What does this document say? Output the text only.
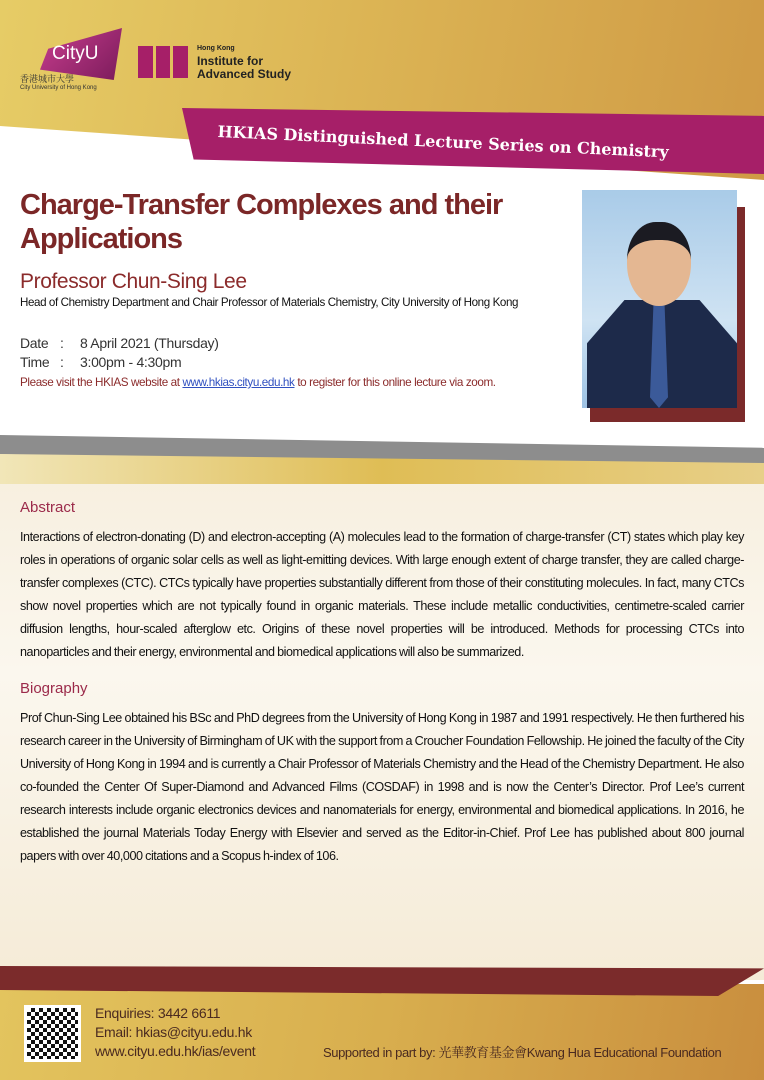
CityU
香港城市大學
City University of Hong Kong
Hong Kong
Institute for
Advanced Study
HKIAS Distinguished Lecture Series on Chemistry
Charge-Transfer Complexes and their Applications
Professor Chun-Sing Lee
Head of Chemistry Department and Chair Professor of Materials Chemistry, City University of Hong Kong
Date : 8 April 2021 (Thursday)
Time : 3:00pm - 4:30pm
Please visit the HKIAS website at www.hkias.cityu.edu.hk to register for this online lecture via zoom.
Abstract
Interactions of electron-donating (D) and electron-accepting (A) molecules lead to the formation of charge-transfer (CT) states which play key roles in operations of organic solar cells as well as light-emitting devices. With large enough extent of charge transfer, they are called charge-transfer complexes (CTC). CTCs typically have properties substantially different from those of their constituting molecules. In fact, many CTCs show novel properties which are not typically found in organic materials. These include metallic conductivities, centimetre-scaled carrier diffusion lengths, hour-scaled afterglow etc. Origins of these novel properties will be introduced. Methods for processing CTCs into nanoparticles and their energy, environmental and biomedical applications will also be summarized.
Biography
Prof Chun-Sing Lee obtained his BSc and PhD degrees from the University of Hong Kong in 1987 and 1991 respectively. He then furthered his research career in the University of Birmingham of UK with the support from a Croucher Foundation Fellowship. He joined the faculty of the City University of Hong Kong in 1994 and is currently a Chair Professor of Materials Chemistry and the Head of the Chemistry Department. He also co-founded the Center Of Super-Diamond and Advanced Films (COSDAF) in 1998 and is now the Center’s Director. Prof Lee’s current research interests include organic electronics devices and nanomaterials for energy, environmental and biomedical applications. In 2016, he established the journal Materials Today Energy with Elsevier and served as the Editor-in-Chief. Prof Lee has published about 800 journal papers with over 40,000 citations and a Scopus h-index of 106.
Enquiries: 3442 6611
Email: hkias@cityu.edu.hk
www.cityu.edu.hk/ias/event	Supported in part by: 光華教育基金會Kwang Hua Educational Foundation
